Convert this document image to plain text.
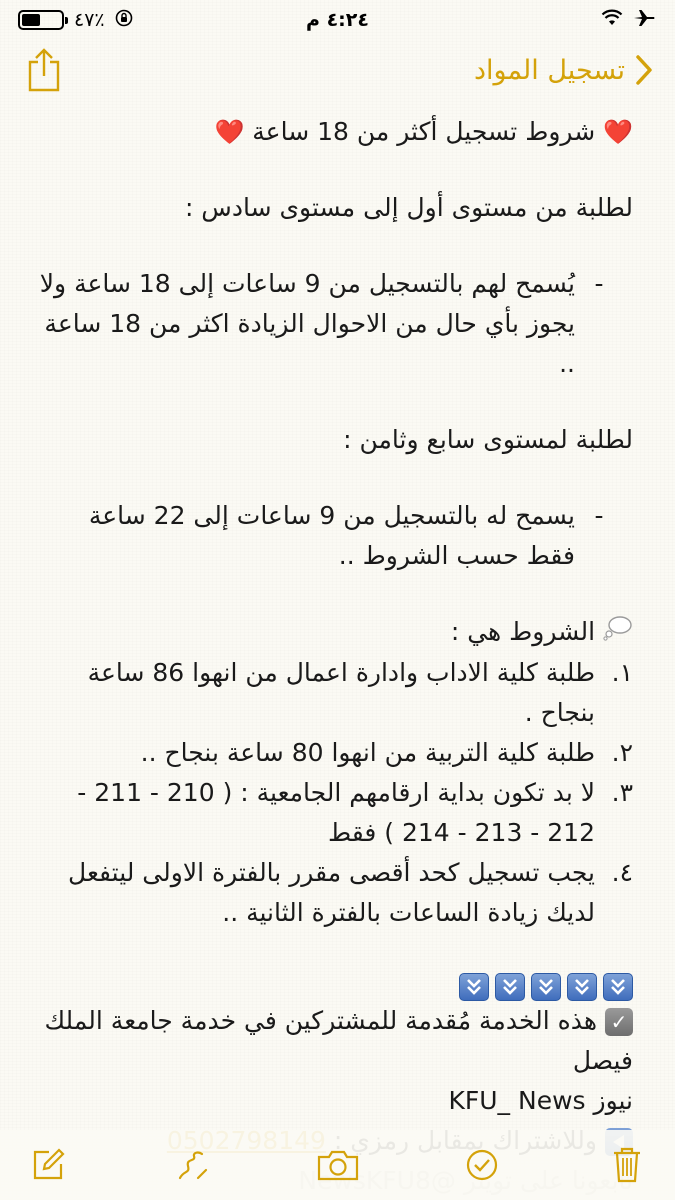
٤٧٪	٤:٢٤ م
تسجيل المواد
❤️ شروط تسجيل أكثر من 18 ساعة ❤️
لطلبة من مستوى أول إلى مستوى سادس :
-
يُسمح لهم بالتسجيل من 9 ساعات إلى 18 ساعة ولا يجوز بأي حال من الاحوال الزيادة اكثر من 18 ساعة ..
لطلبة لمستوى سابع وثامن :
-
يسمح له بالتسجيل من 9 ساعات إلى 22 ساعة فقط حسب الشروط ..
الشروط هي :
١.
طلبة كلية الاداب وادارة اعمال من انهوا 86 ساعة بنجاح .
٢.
طلبة كلية التربية من انهوا 80 ساعة بنجاح ..
٣.
لا بد تكون بداية ارقامهم الجامعية : ( 210 - 211 - 212 - 213 - 214 ) فقط
٤.
يجب تسجيل كحد أقصى مقرر بالفترة الاولى ليتفعل لديك زيادة الساعات بالفترة الثانية ..
✓هذه الخدمة مُقدمة للمشتركين في خدمة جامعة الملك فيصل
نيوز KFU_ News
